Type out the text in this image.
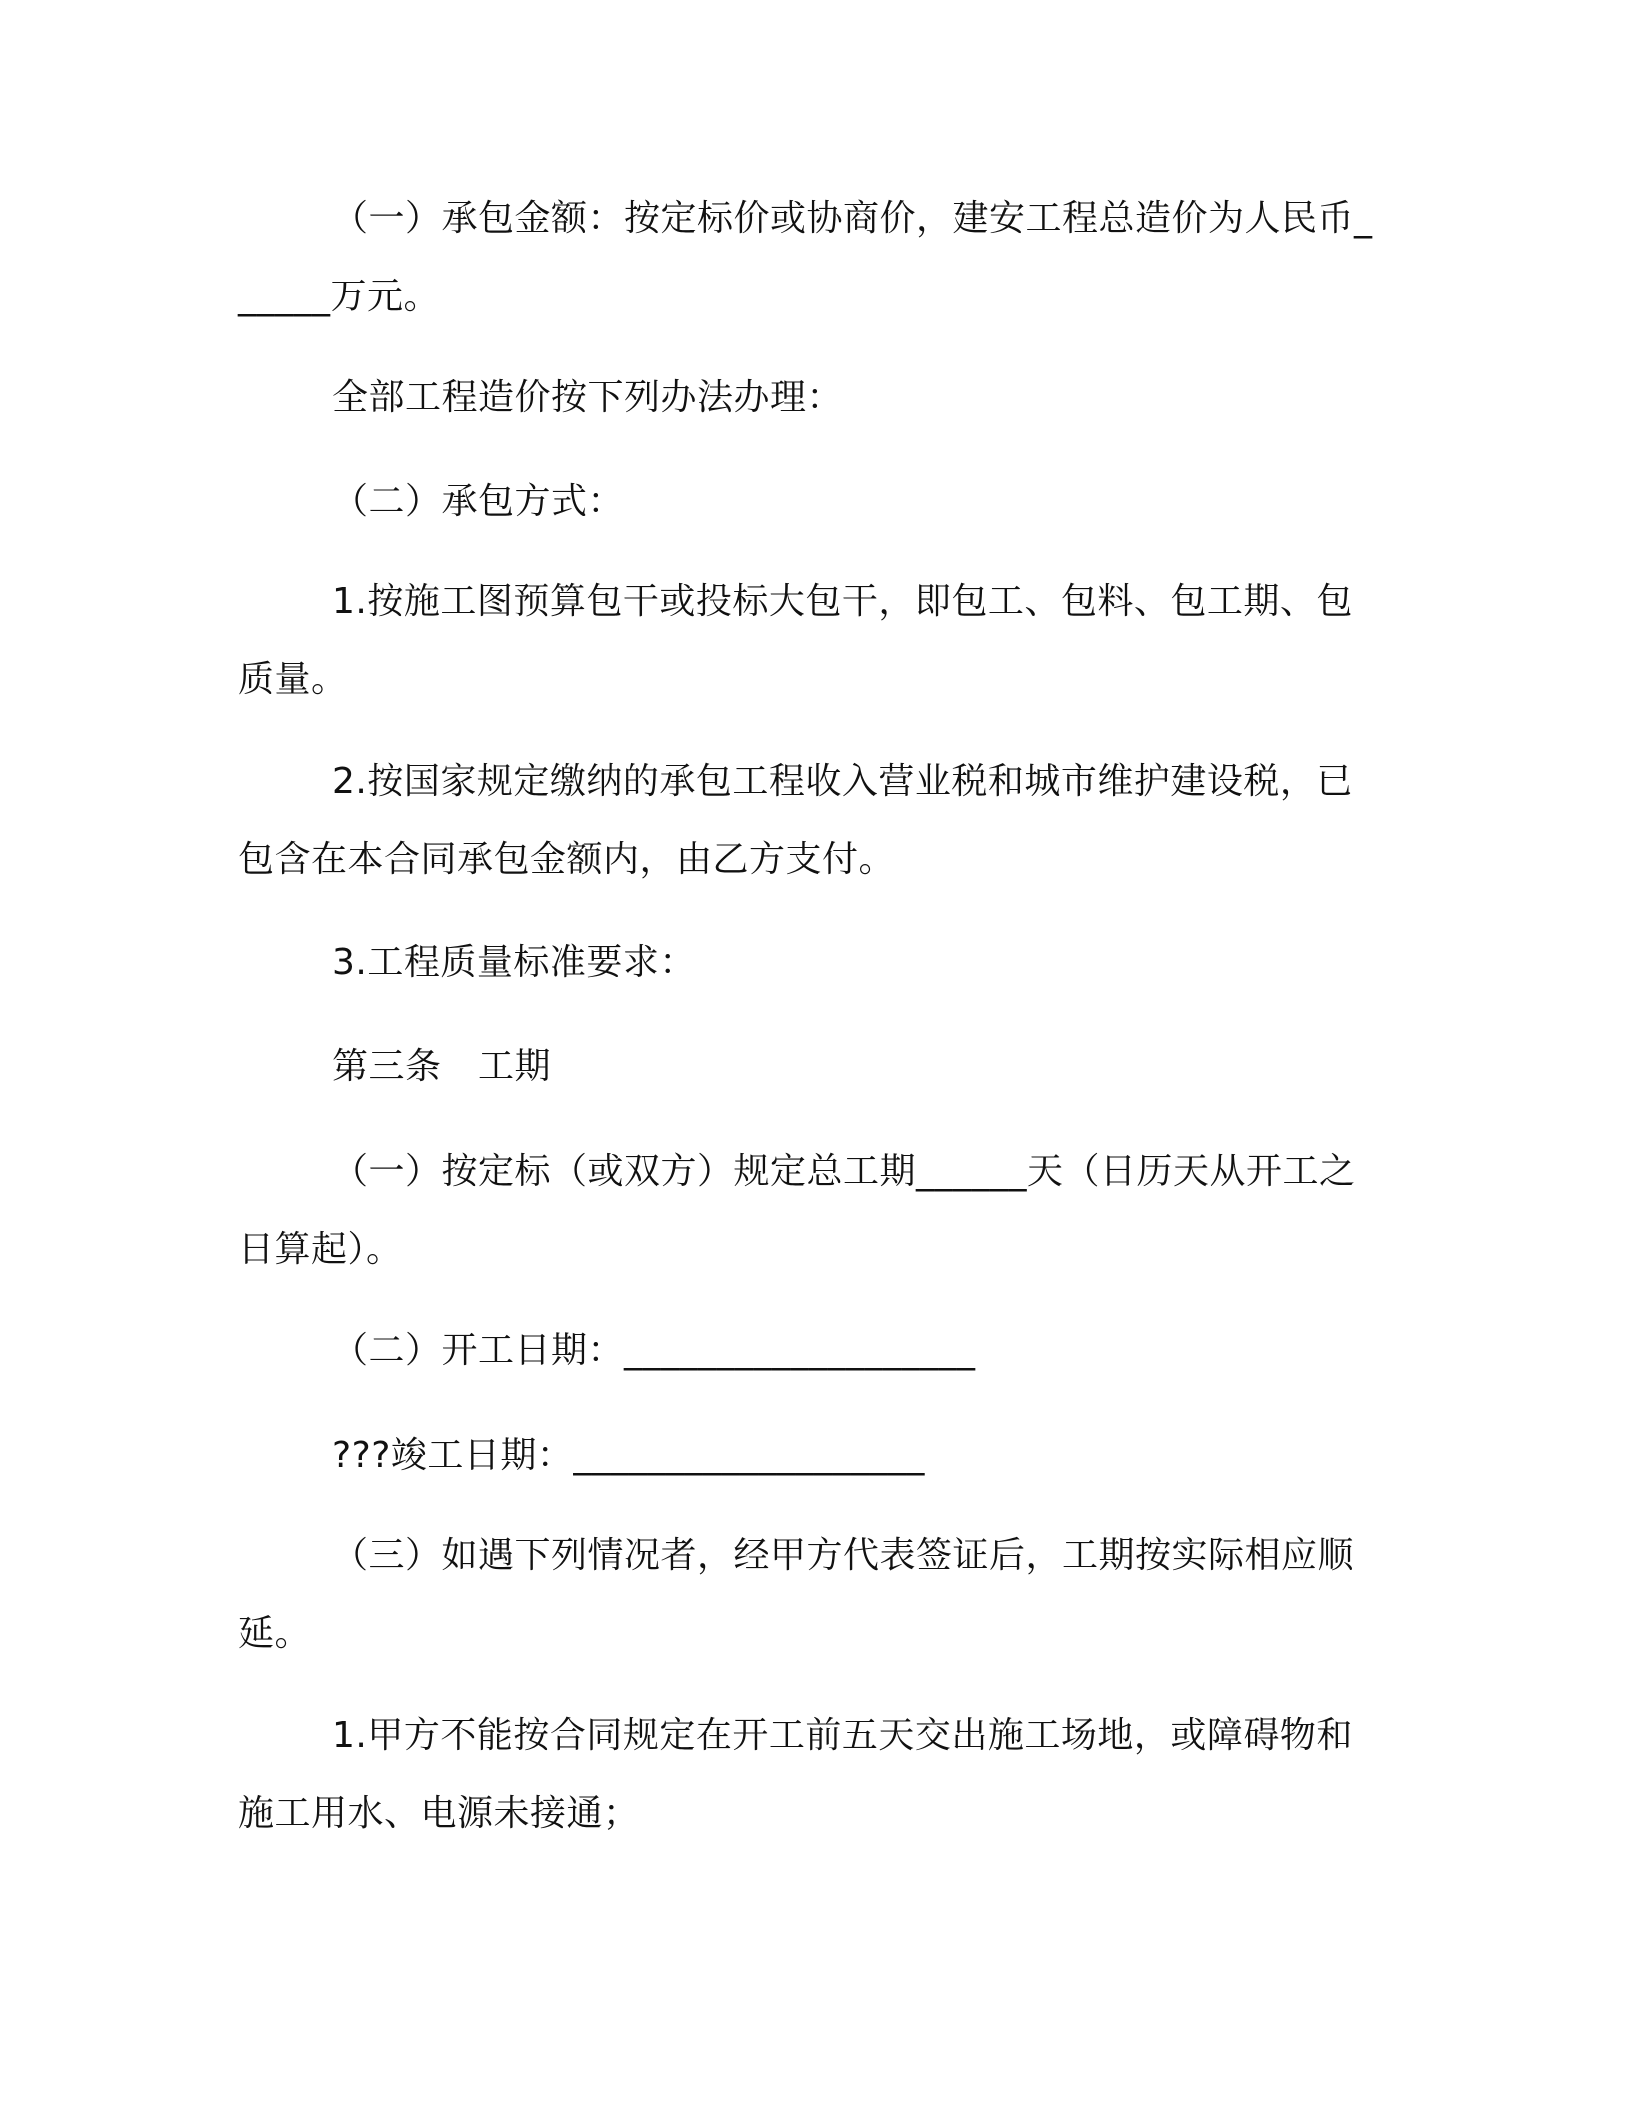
（一）承包金额：按定标价或协商价，建安工程总造价为人民币______万元。

全部工程造价按下列办法办理：

（二）承包方式：

1.按施工图预算包干或投标大包干，即包工、包料、包工期、包质量。

2.按国家规定缴纳的承包工程收入营业税和城市维护建设税，已包含在本合同承包金额内，由乙方支付。

3.工程质量标准要求：

第三条　工期

（一）按定标（或双方）规定总工期______天（日历天从开工之日算起）。

（二）开工日期：___________________

???竣工日期：___________________

（三）如遇下列情况者，经甲方代表签证后，工期按实际相应顺延。

1.甲方不能按合同规定在开工前五天交出施工场地，或障碍物和施工用水、电源未接通；
